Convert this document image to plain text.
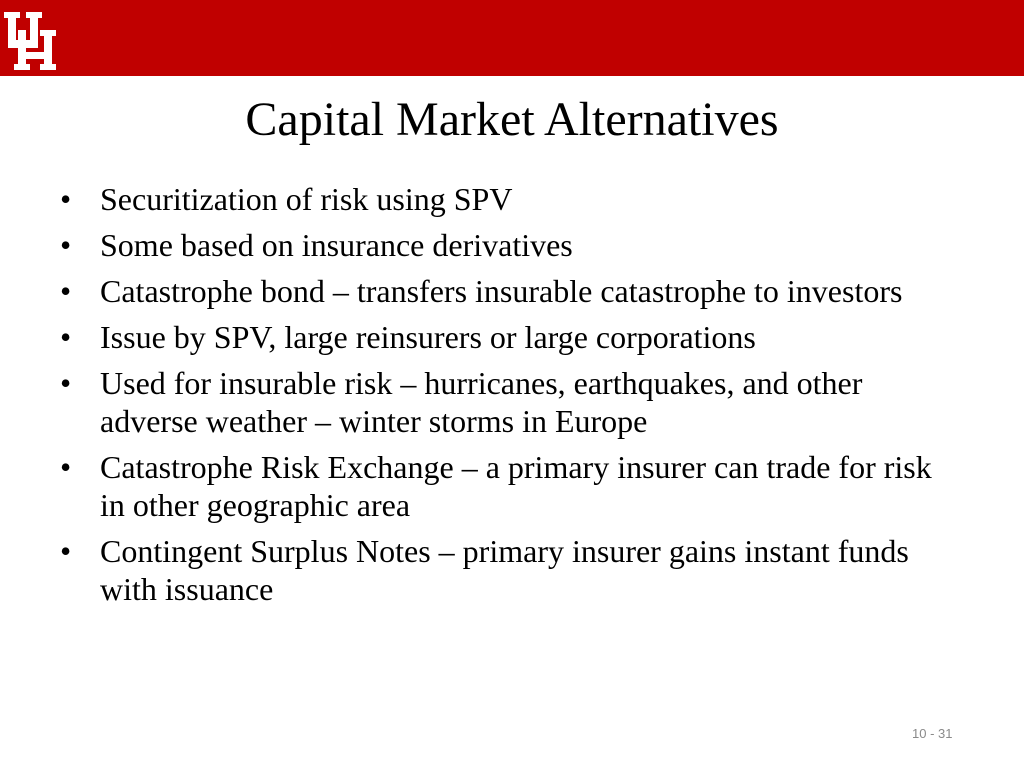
Capital Market Alternatives
• Securitization of risk using SPV
• Some based on insurance derivatives
• Catastrophe bond – transfers insurable catastrophe to investors
• Issue by SPV, large reinsurers or large corporations
• Used for insurable risk – hurricanes, earthquakes, and other adverse weather – winter storms in Europe
• Catastrophe Risk Exchange – a primary insurer can trade for risk in other geographic area
• Contingent Surplus Notes – primary insurer gains instant funds with issuance
10 - 31
